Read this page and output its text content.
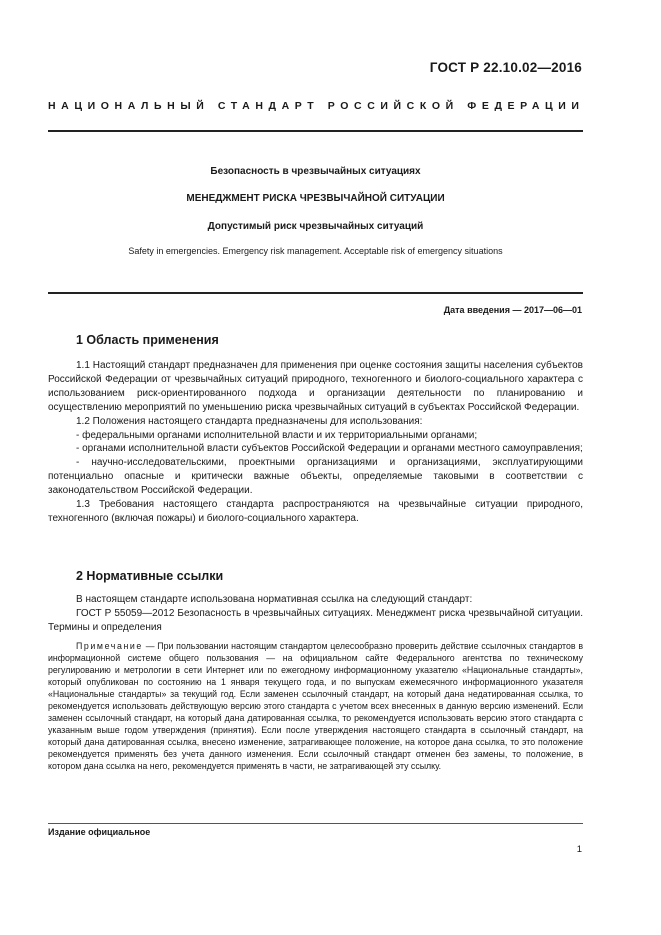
ГОСТ Р 22.10.02—2016
НАЦИОНАЛЬНЫЙ СТАНДАРТ РОССИЙСКОЙ ФЕДЕРАЦИИ
Безопасность в чрезвычайных ситуациях
МЕНЕДЖМЕНТ РИСКА ЧРЕЗВЫЧАЙНОЙ СИТУАЦИИ
Допустимый риск чрезвычайных ситуаций
Safety in emergencies. Emergency risk management. Acceptable risk of emergency situations
Дата введения — 2017—06—01
1 Область применения

1.1 Настоящий стандарт предназначен для применения при оценке состояния защиты населения субъектов Российской Федерации от чрезвычайных ситуаций природного, техногенного и биолого-социального характера с использованием риск-ориентированного подхода и организации деятельности по планированию и осуществлению мероприятий по уменьшению риска чрезвычайных ситуаций в субъектах Российской Федерации.

1.2 Положения настоящего стандарта предназначены для использования:

- федеральными органами исполнительной власти и их территориальными органами;

- органами исполнительной власти субъектов Российской Федерации и органами местного самоуправления;

- научно-исследовательскими, проектными организациями и организациями, эксплуатирующими потенциально опасные и критически важные объекты, определяемые таковыми в соответствии с законодательством Российской Федерации.

1.3 Требования настоящего стандарта распространяются на чрезвычайные ситуации природного, техногенного (включая пожары) и биолого-социального характера.

2 Нормативные ссылки

В настоящем стандарте использована нормативная ссылка на следующий стандарт:

ГОСТ Р 55059—2012 Безопасность в чрезвычайных ситуациях. Менеджмент риска чрезвычайной ситуации. Термины и определения

Примечание — При пользовании настоящим стандартом целесообразно проверить действие ссылочных стандартов в информационной системе общего пользования — на официальном сайте Федерального агентства по техническому регулированию и метрологии в сети Интернет или по ежегодному информационному указателю «Национальные стандарты», который опубликован по состоянию на 1 января текущего года, и по выпускам ежемесячного информационного указателя «Национальные стандарты» за текущий год. Если заменен ссылочный стандарт, на который дана недатированная ссылка, то рекомендуется использовать действующую версию этого стандарта с учетом всех внесенных в данную версию изменений. Если заменен ссылочный стандарт, на который дана датированная ссылка, то рекомендуется использовать версию этого стандарта с указанным выше годом утверждения (принятия). Если после утверждения настоящего стандарта в ссылочный стандарт, на который дана датированная ссылка, внесено изменение, затрагивающее положение, на которое дана ссылка, то это положение рекомендуется применять без учета данного изменения. Если ссылочный стандарт отменен без замены, то положение, в котором дана ссылка на него, рекомендуется применять в части, не затрагивающей эту ссылку.

Издание официальное
1
